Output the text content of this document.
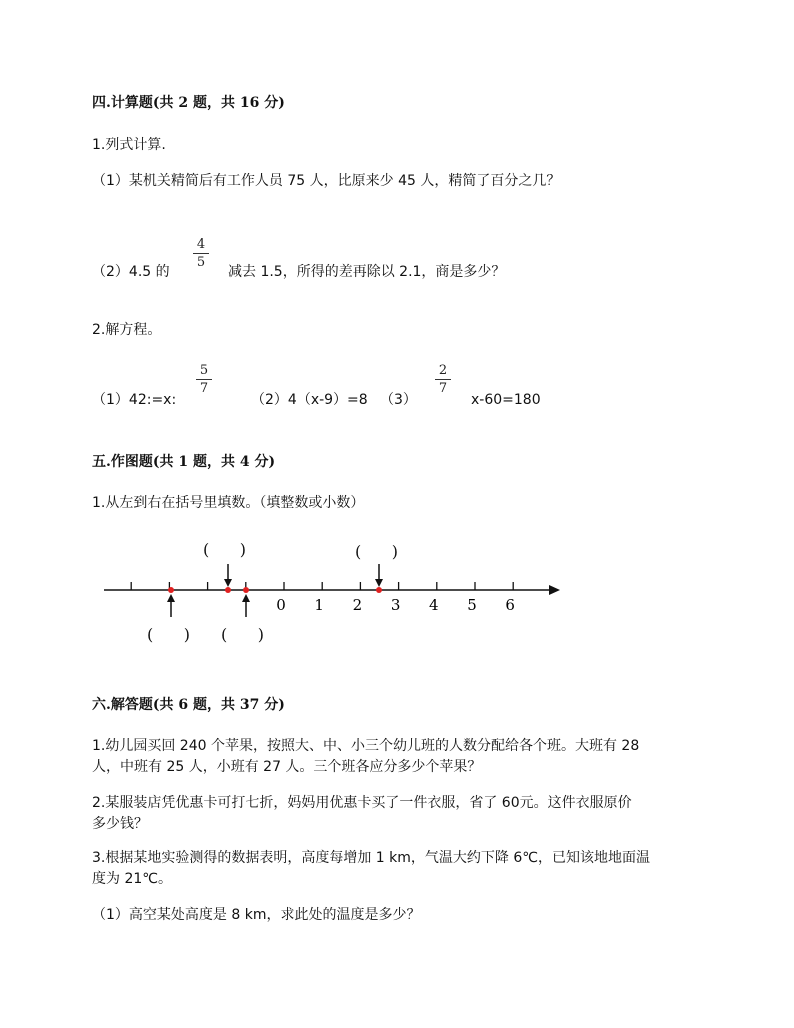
四.计算题(共 2 题，共 16 分)
1.列式计算.
（1）某机关精简后有工作人员 75 人，比原来少 45 人，精简了百分之几？
（2）4.5 的
4
5
减去 1.5，所得的差再除以 2.1，商是多少？
2.解方程。
（1）42:=x:
5
7
（2）4（x-9）=8 （3）
2
7
x-60=180
五.作图题(共 1 题，共 4 分)
1.从左到右在括号里填数。（填整数或小数）
0 1 2 3 4 5 6
(      )	(      )
(      ) (      )
六.解答题(共 6 题，共 37 分)
1.幼儿园买回 240 个苹果，按照大、中、小三个幼儿班的人数分配给各个班。大班有 28
人，中班有 25 人，小班有 27 人。三个班各应分多少个苹果？
2.某服装店凭优惠卡可打七折，妈妈用优惠卡买了一件衣服，省了 60元。这件衣服原价
多少钱？
3.根据某地实验测得的数据表明，高度每增加 1 km，气温大约下降 6℃，已知该地地面温
度为 21℃。
（1）高空某处高度是 8 km，求此处的温度是多少？
